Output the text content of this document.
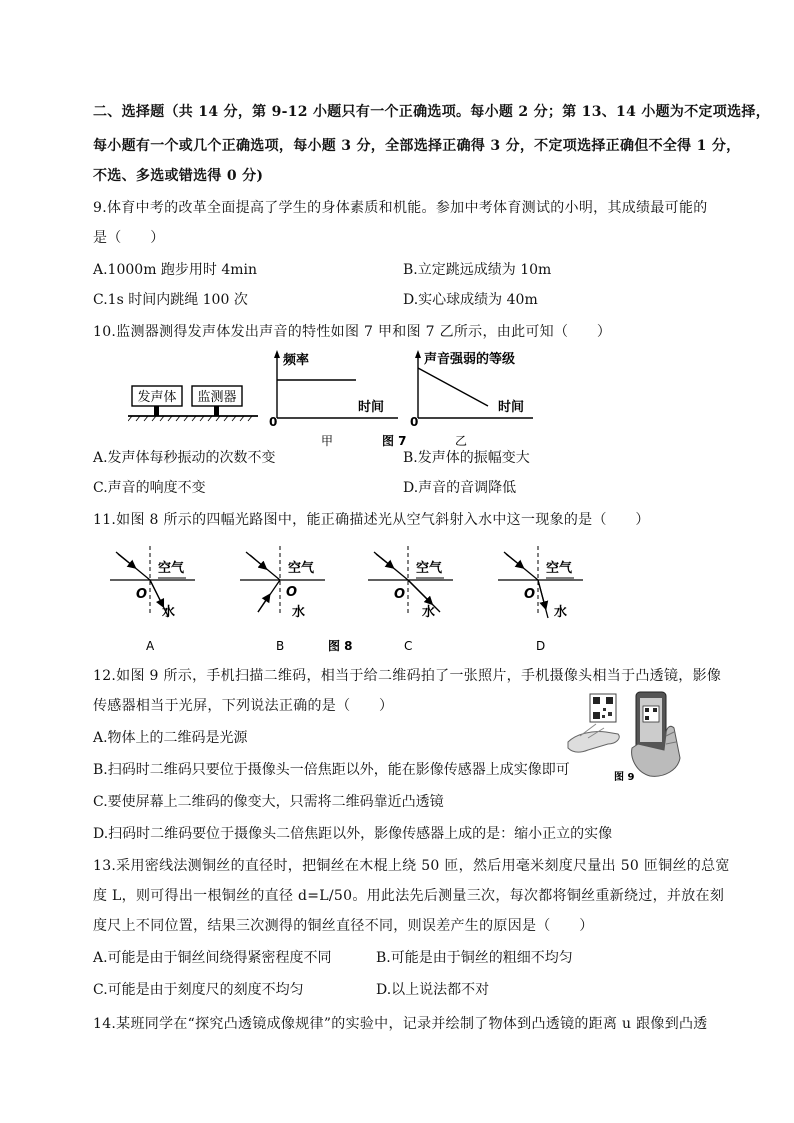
二、选择题（共 14 分，第 9-12 小题只有一个正确选项。每小题 2 分；第 13、14 小题为不定项选择，
每小题有一个或几个正确选项，每小题 3 分，全部选择正确得 3 分，不定项选择正确但不全得 1 分，
不选、多选或错选得 0 分)
9.体育中考的改革全面提高了学生的身体素质和机能。参加中考体育测试的小明，其成绩最可能的
是（　　）
A.1000m 跑步用时 4min	B.立定跳远成绩为 10m
C.1s 时间内跳绳 100 次	D.实心球成绩为 40m
10.监测器测得发声体发出声音的特性如图 7 甲和图 7 乙所示，由此可知（　　）
发声体 监测器
频率
时间
0
甲	图 7
声音强弱的等级
时间
0
乙
A.发声体每秒振动的次数不变	B.发声体的振幅变大
C.声音的响度不变	D.声音的音调降低
11.如图 8 所示的四幅光路图中，能正确描述光从空气斜射入水中这一现象的是（　　）
空气
O
水
A
空气
O
水
B
空气
O
水
C
空气
O
水
D
图 8
12.如图 9 所示，手机扫描二维码，相当于给二维码拍了一张照片，手机摄像头相当于凸透镜，影像
传感器相当于光屏，下列说法正确的是（　　）
A.物体上的二维码是光源
B.扫码时二维码只要位于摄像头一倍焦距以外，能在影像传感器上成实像即可
C.要使屏幕上二维码的像变大，只需将二维码靠近凸透镜
D.扫码时二维码要位于摄像头二倍焦距以外，影像传感器上成的是：缩小正立的实像
图 9
13.采用密线法测铜丝的直径时，把铜丝在木棍上绕 50 匝，然后用毫米刻度尺量出 50 匝铜丝的总宽
度 L，则可得出一根铜丝的直径 d=L/50。用此法先后测量三次，每次都将铜丝重新绕过，并放在刻
度尺上不同位置，结果三次测得的铜丝直径不同，则误差产生的原因是（　　）
A.可能是由于铜丝间绕得紧密程度不同	B.可能是由于铜丝的粗细不均匀
C.可能是由于刻度尺的刻度不均匀	D.以上说法都不对
14.某班同学在“探究凸透镜成像规律”的实验中，记录并绘制了物体到凸透镜的距离 u 跟像到凸透
